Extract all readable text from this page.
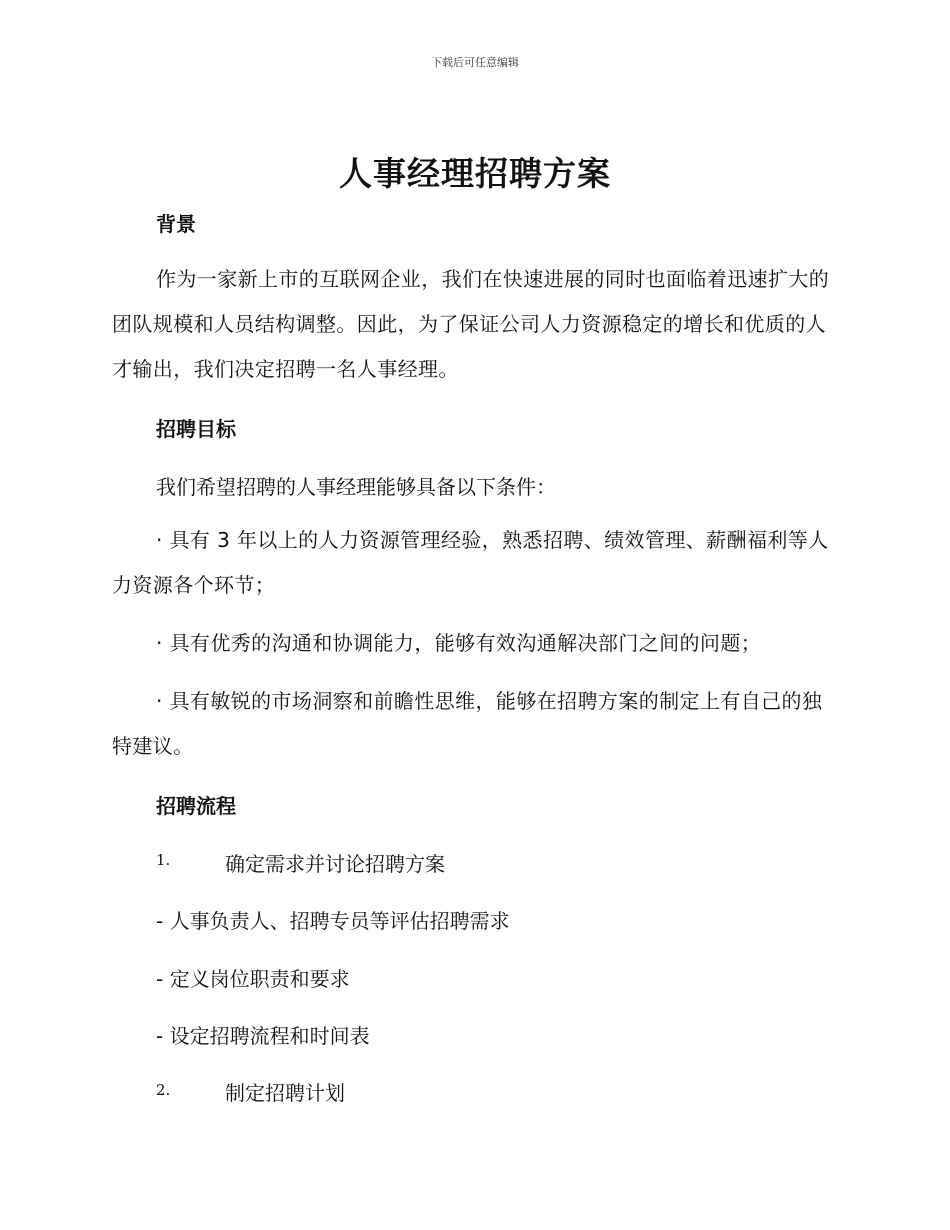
下载后可任意编辑
人事经理招聘方案
背景
作为一家新上市的互联网企业，我们在快速进展的同时也面临着迅速扩大的团队规模和人员结构调整。因此，为了保证公司人力资源稳定的增长和优质的人才输出，我们决定招聘一名人事经理。
招聘目标
我们希望招聘的人事经理能够具备以下条件：
· 具有 3 年以上的人力资源管理经验，熟悉招聘、绩效管理、薪酬福利等人力资源各个环节；
· 具有优秀的沟通和协调能力，能够有效沟通解决部门之间的问题；
· 具有敏锐的市场洞察和前瞻性思维，能够在招聘方案的制定上有自己的独特建议。
招聘流程
1.	确定需求并讨论招聘方案
- 人事负责人、招聘专员等评估招聘需求
- 定义岗位职责和要求
- 设定招聘流程和时间表
2.	制定招聘计划
